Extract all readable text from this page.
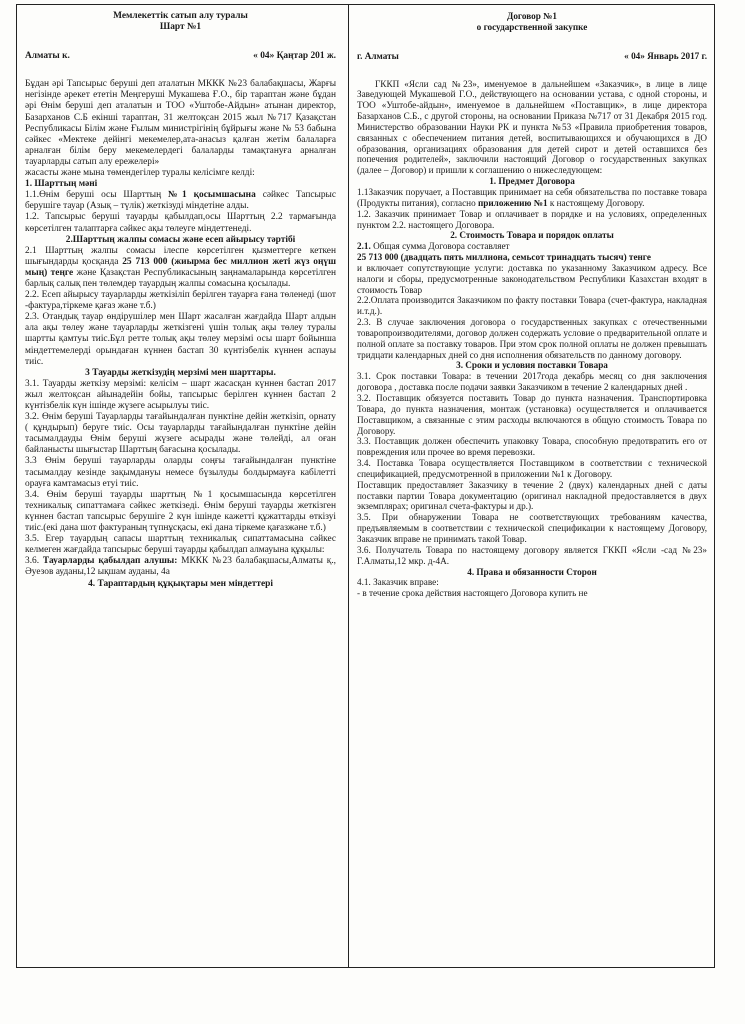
Мемлекеттік сатып алу туралы

Шарт №1

Алматы к.	« 04» Қаңтар 201 ж.

Бұдан әрі Тапсырыс беруші деп аталатын МККК №23 балабақшасы, Жарғы негізінде әрекет ететін Меңгеруші Мукашева Ғ.О., бір тараптан және бұдан әрі Өнім беруші деп аталатын и ТОО «Уштобе-Айдын» атынан директор, Базарханов С.Б екінші тараптан, 31 желтоқсан 2015 жыл №717 Қазақстан Республикасы Білім және Ғылым министрігінің бұйрығы және № 53 бабына сәйкес «Мектеке дейінгі мекемелер,ата-анасыз қалған жетім балаларға арналған білім беру мекемелердегі балаларды тамақтануға арналған тауарларды сатып алу ережелері»

жасасты және мына төмендегілер туралы келісімге келді:

1. Шарттың мәні

1.1.Өнім беруші осы Шарттың №1 қосымшасына сәйкес Тапсырыс берушіге тауар (Азық – түлік) жеткізуді міндетіне алды.

1.2. Тапсырыс беруші тауарды қабылдап,осы Шарттың 2.2 тармағында көрсетілген талаптарға сәйкес ақы төлеуге міндеттенеді.

2.Шарттың жалпы сомасы және есеп айырысу тәртібі

2.1 Шарттың жалпы сомасы ілеспе көрсетілген қызметтерге кеткен шығындарды қосқанда 25 713 000 (жиырма бес миллион жеті жүз оңүш мың) теңге және Қазақстан Республикасының заңнамаларында көрсетілген барлық салық пен төлемдер тауардың жалпы сомасына қосылады.

2.2. Есеп айырысу тауарларды жеткізіліп берілген тауарға ғана төленеді (шот -фактура,тіркеме қағаз және т.б.)

2.3. Отандық тауар өндірушілер мен Шарт жасалған жағдайда Шарт алдын ала ақы төлеу және тауарларды жеткізгені үшін толық ақы төлеу туралы шартты қамтуы тиіс.Бұл ретте толық ақы төлеу мерзімі осы шарт бойынша міндеттемелерді орындаған күннен бастап 30 күнтізбелік күннен аспауы тиіс.

3 Тауарды жеткізудің мерзімі мен шарттары.

3.1. Тауарды жеткізу мерзімі: келісім – шарт жасасқан күннен бастап 2017 жыл желтоқсан айынадейін бойы, тапсырыс берілген күннен бастап 2 күнтізбелік күн ішінде жүзеге асырылуы тиіс.

3.2. Өнім беруші Тауарларды тағайындалған пунктіне дейін жеткізіп, орнату ( құндырып) беруге тиіс. Осы тауарларды тағайындалған пунктіне дейін тасымалдауды Өнім беруші жүзеге асырады және төлейді, ал оған байланысты шығыстар Шарттың бағасына қосылады.

3.3 Өнім беруші тауарларды оларды соңғы тағайындалған пунктіне тасымалдау кезінде зақымдануы немесе бүзылуды болдырмауға кабілетті орауға камтамасыз етуі тиіс.

3.4. Өнім беруші тауарды шарттың №1 қосымшасында көрсетілген техникалық сипаттамаға сәйкес жеткізеді. Өнім беруші тауарды жеткізген күннен бастап тапсырыс берушіге 2 күн ішінде кажетті құжаттарды өткізуі тиіс.(екі дана шот фактураның түпнұсқасы, екі дана тіркеме қағазжәне т.б.)

3.5. Егер тауардың сапасы шарттың техникалық сипаттамасына сәйкес келмеген жағдайда тапсырыс беруші тауарды қабылдап алмауына құқылы:

3.6. Тауарларды қабылдап алушы: МККК №23 балабақшасы,Алматы қ., Әуезов ауданы,12 ықшам ауданы, 4а

4. Тараптардың құқықтары мен міндеттері

Договор №1

о государственной закупке

г. Алматы	« 04» Январь 2017 г.

ГККП «Ясли сад №23», именуемое в дальнейшем «Заказчик», в лице в лице Заведующей Мукашевой Г.О., действующего на основании устава, с одной стороны, и ТОО «Уштобе-айдын», именуемое в дальнейшем «Поставщик», в лице директора Базарханов С.Б., с другой стороны, на основании Приказа №717 от 31 Декабря 2015 год. Министерство образовании Науки РК и пункта №53 «Правила приобретения товаров, связанных с обеспечением питания детей, воспитывающихся и обучающихся в ДО образования, организациях образования для детей сирот и детей оставшихся без попечения родителей», заключили настоящий Договор о государственных закупках (далее – Договор) и пришли к соглашению о нижеследующем:

1. Предмет Договора

1.1Заказчик поручает, а Поставщик принимает на себя обязательства по поставке товара (Продукты питания), согласно приложению №1 к настоящему Договору.

1.2. Заказчик принимает Товар и оплачивает в порядке и на условиях, определенных пунктом 2.2. настоящего Договора.

2. Стоимость Товара и порядок оплаты

2.1. Общая сумма Договора составляет

25 713 000 (двадцать пять миллиона, семьсот тринадцать тысяч) тенге

и включает сопутствующие услуги: доставка по указанному Заказчиком адресу. Все налоги и сборы, предусмотренные законодательством Республики Казахстан входят в стоимость Товар

2.2.Оплата производится Заказчиком по факту поставки Товара (счет-фактура, накладная и.т.д.).

2.3. В случае заключения договора о государственных закупках с отечественными товаропроизводителями, договор должен содержать условие о предварительной оплате и полной оплате за поставку товаров. При этом срок полной оплаты не должен превышать тридцати календарных дней со дня исполнения обязательств по данному договору.

3. Сроки и условия поставки Товара

3.1. Срок поставки Товара: в течении 2017года декабрь месяц со дня заключения договора , доставка после подачи заявки Заказчиком в течение 2 календарных дней .

3.2. Поставщик обязуется поставить Товар до пункта назначения. Транспортировка Товара, до пункта назначения, монтаж (установка) осуществляется и оплачивается Поставщиком, а связанные с этим расходы включаются в общую стоимость Товара по Договору.

3.3. Поставщик должен обеспечить упаковку Товара, способную предотвратить его от повреждения или прочее во время перевозки.

3.4. Поставка Товара осуществляется Поставщиком в соответствии с технической спецификацией, предусмотренной в приложении №1 к Договору.

Поставщик предоставляет Заказчику в течение 2 (двух) календарных дней с даты поставки партии Товара документацию (оригинал накладной предоставляется в двух экземплярах; оригинал счета-фактуры и др.).

3.5. При обнаружении Товара не соответствующих требованиям качества, предъявляемым в соответствии с технической спецификации к настоящему Договору, Заказчик вправе не принимать такой Товар.

3.6. Получатель Товара по настоящему договору является ГККП «Ясли -сад №23» Г.Алматы,12 мкр. д-4А.

4. Права и обязанности Сторон

4.1. Заказчик вправе:

- в течение срока действия настоящего Договора купить не
